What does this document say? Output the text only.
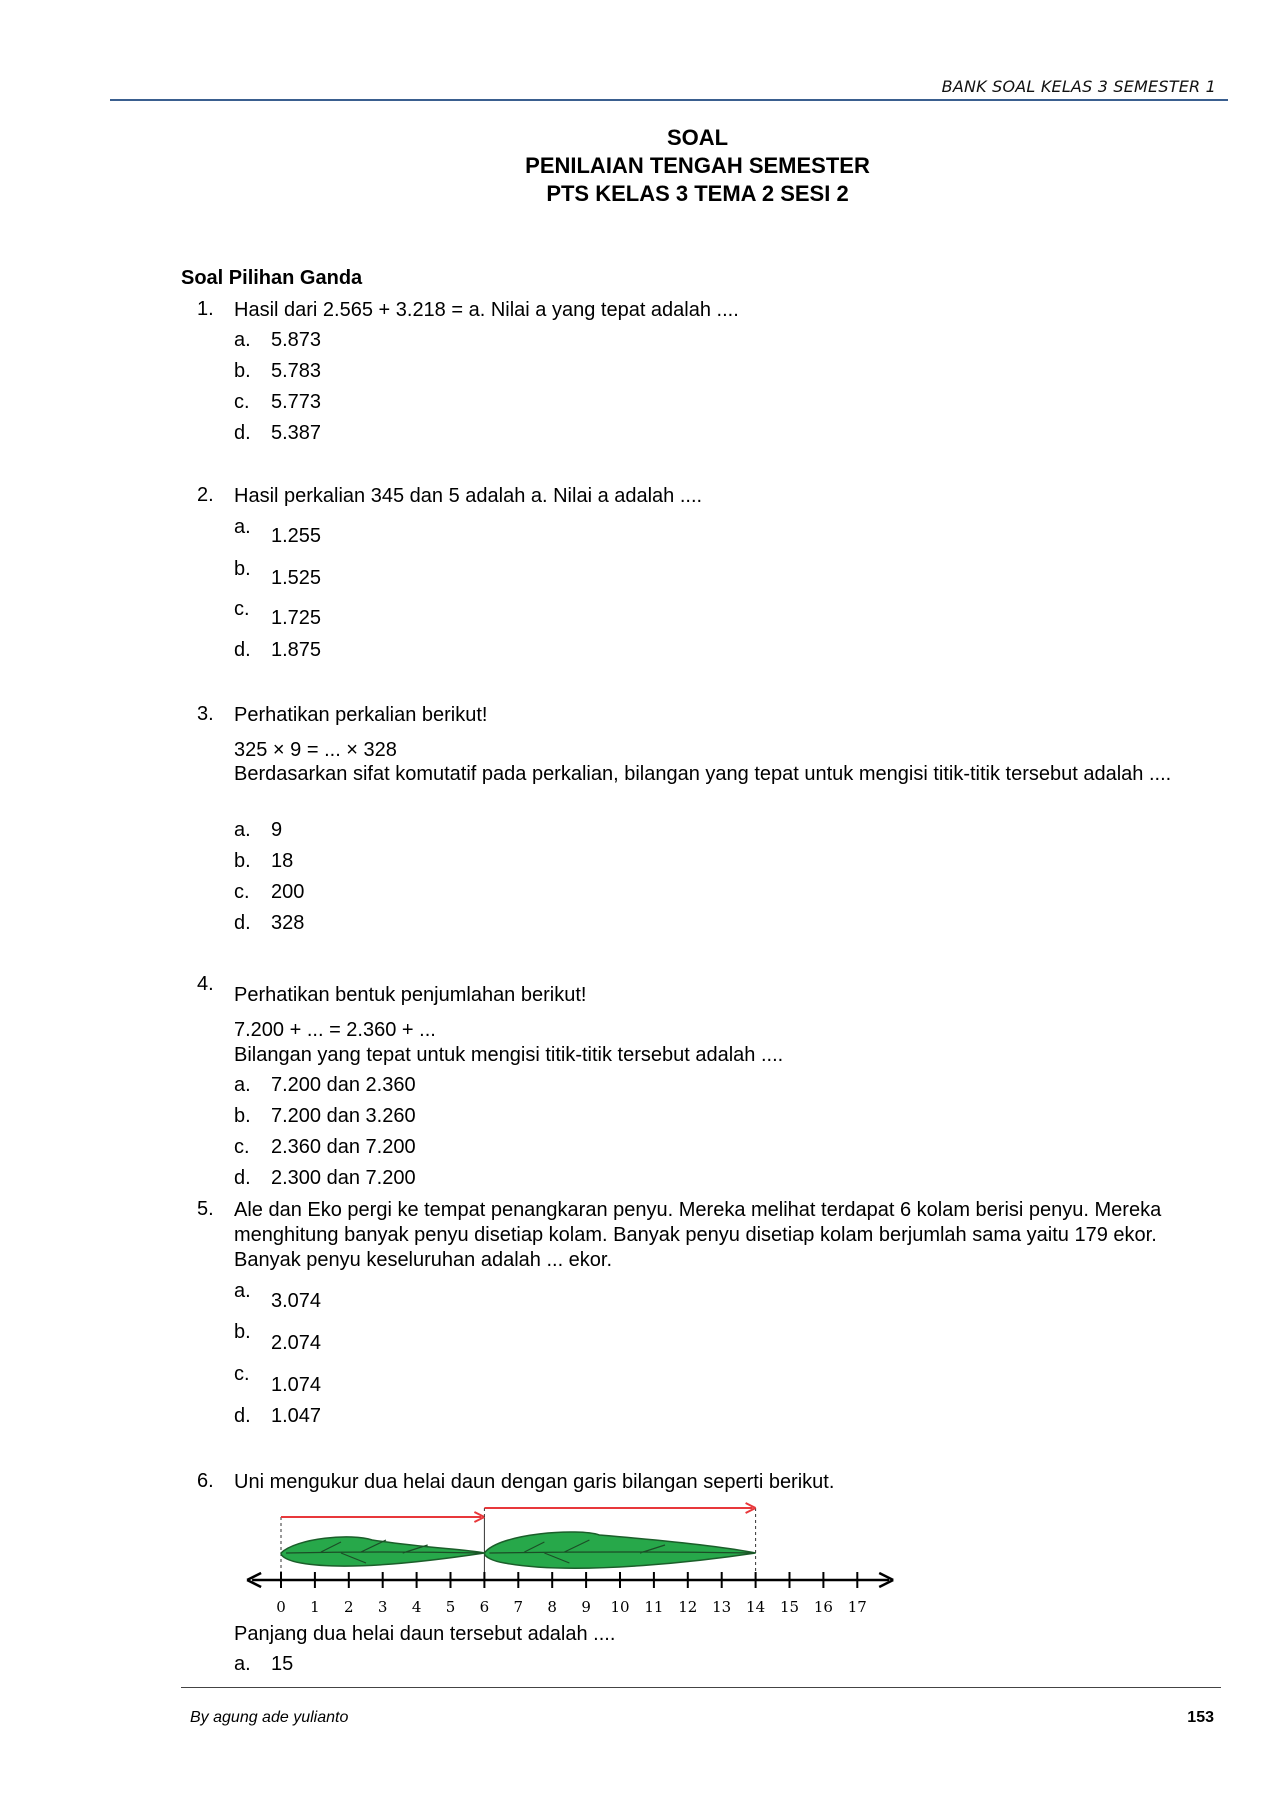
BANK SOAL KELAS 3 SEMESTER 1
SOAL
PENILAIAN TENGAH SEMESTER
PTS KELAS 3 TEMA 2 SESI 2
Soal Pilihan Ganda
1. Hasil dari 2.565 + 3.218 = a. Nilai a yang tepat adalah ....
a. 5.873
b. 5.783
c. 5.773
d. 5.387
2. Hasil perkalian 345 dan 5 adalah a. Nilai a adalah ....
a. 1.255
b. 1.525
c. 1.725
d. 1.875
3. Perhatikan perkalian berikut!
325 × 9 = ... × 328
Berdasarkan sifat komutatif pada perkalian, bilangan yang tepat untuk mengisi titik-titik tersebut adalah ....
a. 9
b. 18
c. 200
d. 328
4. Perhatikan bentuk penjumlahan berikut!
7.200 + ... = 2.360 + ...
Bilangan yang tepat untuk mengisi titik-titik tersebut adalah ....
a. 7.200 dan 2.360
b. 7.200 dan 3.260
c. 2.360 dan 7.200
d. 2.300 dan 7.200
5. Ale dan Eko pergi ke tempat penangkaran penyu. Mereka melihat terdapat 6 kolam berisi penyu. Mereka menghitung banyak penyu disetiap kolam. Banyak penyu disetiap kolam berjumlah sama yaitu 179 ekor. Banyak penyu keseluruhan adalah ... ekor.
a. 3.074
b. 2.074
c. 1.074
d. 1.047
6. Uni mengukur dua helai daun dengan garis bilangan seperti berikut.
0 1 2 3 4 5 6 7 8 9 10 11 12 13 14 15 16 17
Panjang dua helai daun tersebut adalah ....
a. 15
By agung ade yulianto	153
